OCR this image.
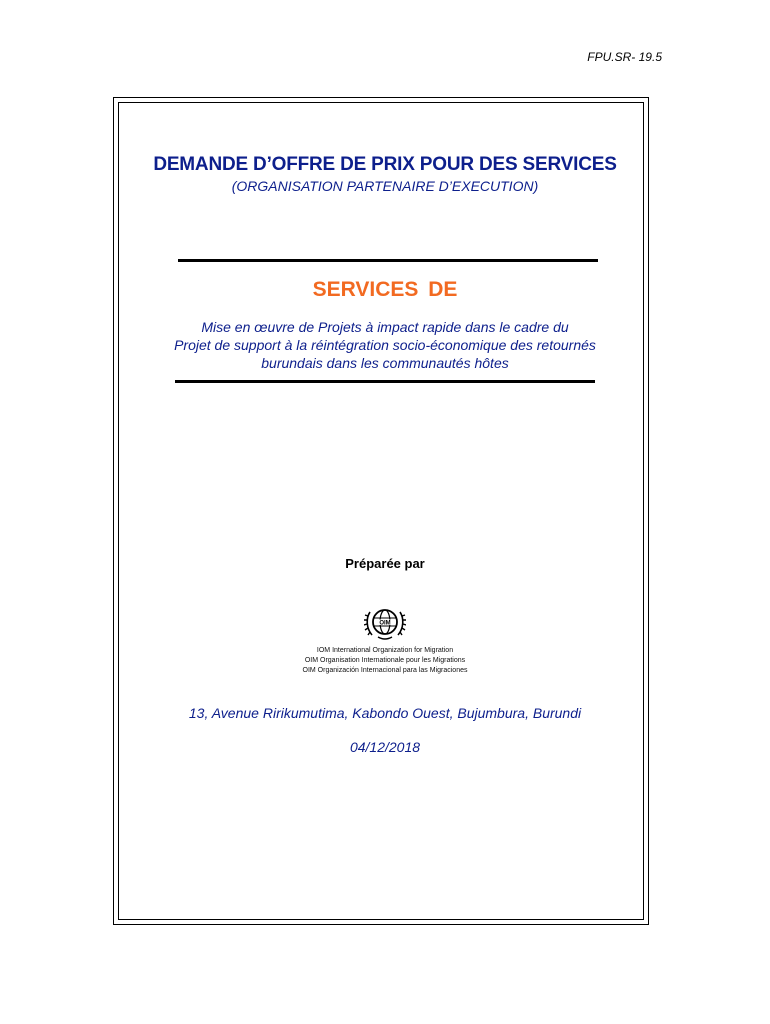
FPU.SR- 19.5
DEMANDE D’OFFRE DE PRIX POUR DES SERVICES
(ORGANISATION PARTENAIRE D’EXECUTION)
SERVICES DE
Mise en œuvre de Projets à impact rapide dans le cadre du
Projet de support à la réintégration socio-économique des retournés
burundais dans les communautés hôtes
Préparée par
OIM
IOM International Organization for Migration
OIM Organisation Internationale pour les Migrations
OIM Organización Internacional para las Migraciones
13, Avenue Ririkumutima, Kabondo Ouest, Bujumbura, Burundi
04/12/2018
